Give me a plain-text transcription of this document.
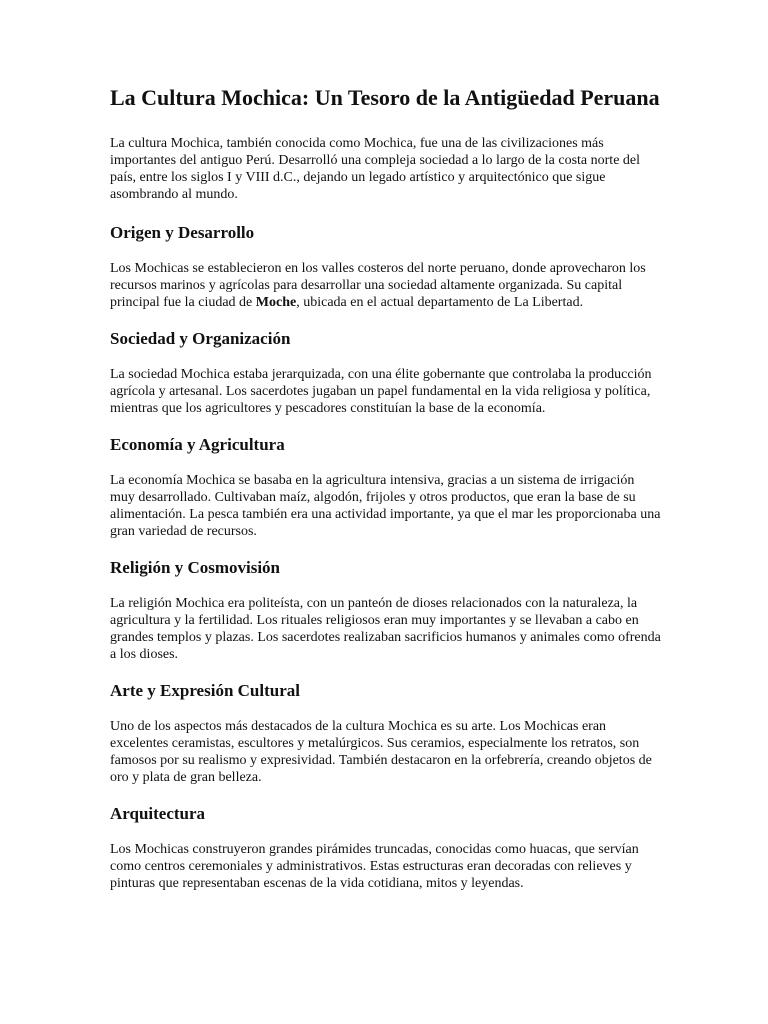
La Cultura Mochica: Un Tesoro de la Antigüedad Peruana

La cultura Mochica, también conocida como Mochica, fue una de las civilizaciones más importantes del antiguo Perú. Desarrolló una compleja sociedad a lo largo de la costa norte del país, entre los siglos I y VIII d.C., dejando un legado artístico y arquitectónico que sigue asombrando al mundo.

Origen y Desarrollo

Los Mochicas se establecieron en los valles costeros del norte peruano, donde aprovecharon los recursos marinos y agrícolas para desarrollar una sociedad altamente organizada. Su capital principal fue la ciudad de Moche, ubicada en el actual departamento de La Libertad.

Sociedad y Organización

La sociedad Mochica estaba jerarquizada, con una élite gobernante que controlaba la producción agrícola y artesanal. Los sacerdotes jugaban un papel fundamental en la vida religiosa y política, mientras que los agricultores y pescadores constituían la base de la economía.

Economía y Agricultura

La economía Mochica se basaba en la agricultura intensiva, gracias a un sistema de irrigación muy desarrollado. Cultivaban maíz, algodón, frijoles y otros productos, que eran la base de su alimentación. La pesca también era una actividad importante, ya que el mar les proporcionaba una gran variedad de recursos.

Religión y Cosmovisión

La religión Mochica era politeísta, con un panteón de dioses relacionados con la naturaleza, la agricultura y la fertilidad. Los rituales religiosos eran muy importantes y se llevaban a cabo en grandes templos y plazas. Los sacerdotes realizaban sacrificios humanos y animales como ofrenda a los dioses.

Arte y Expresión Cultural

Uno de los aspectos más destacados de la cultura Mochica es su arte. Los Mochicas eran excelentes ceramistas, escultores y metalúrgicos. Sus ceramios, especialmente los retratos, son famosos por su realismo y expresividad. También destacaron en la orfebrería, creando objetos de oro y plata de gran belleza.

Arquitectura

Los Mochicas construyeron grandes pirámides truncadas, conocidas como huacas, que servían como centros ceremoniales y administrativos. Estas estructuras eran decoradas con relieves y pinturas que representaban escenas de la vida cotidiana, mitos y leyendas.
